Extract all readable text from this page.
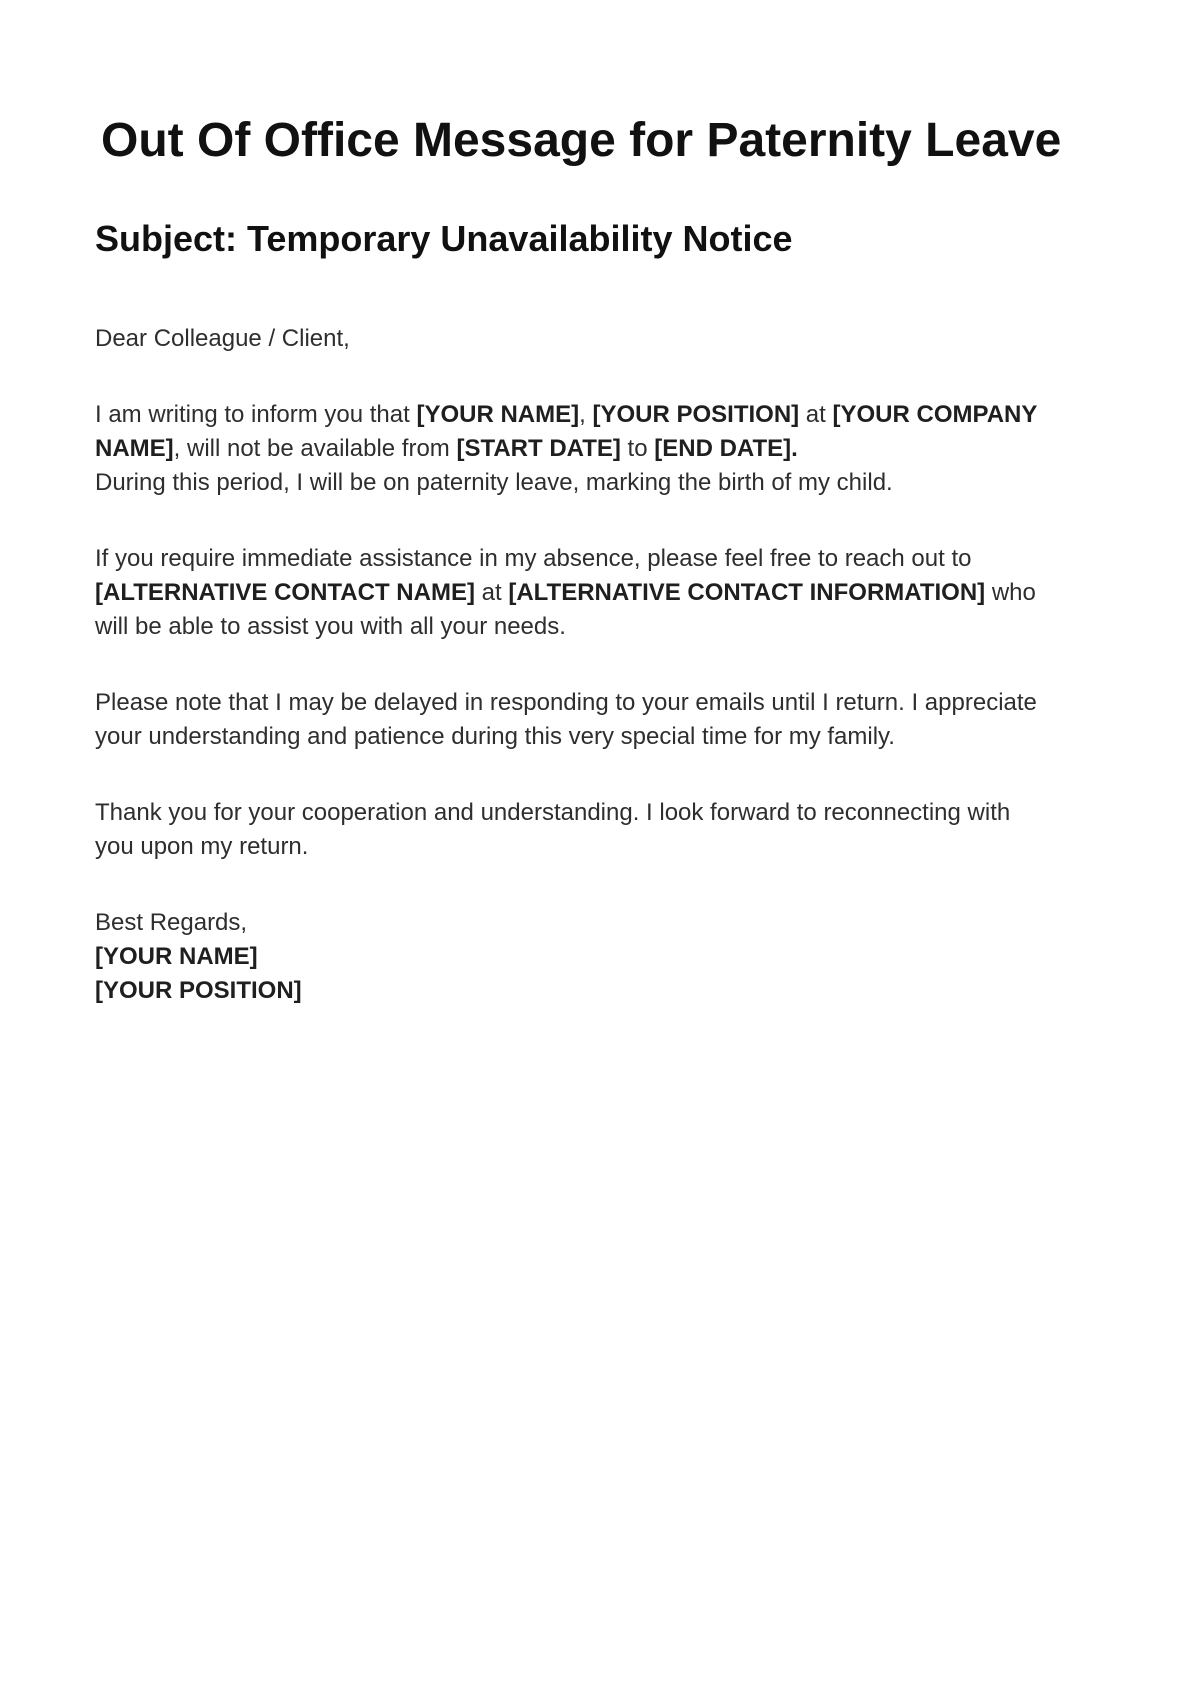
Out Of Office Message for Paternity Leave
Subject: Temporary Unavailability Notice

Dear Colleague / Client,

I am writing to inform you that [YOUR NAME], [YOUR POSITION] at [YOUR COMPANY
NAME], will not be available from [START DATE] to [END DATE].
During this period, I will be on paternity leave, marking the birth of my child.

If you require immediate assistance in my absence, please feel free to reach out to
[ALTERNATIVE CONTACT NAME] at [ALTERNATIVE CONTACT INFORMATION] who
will be able to assist you with all your needs.

Please note that I may be delayed in responding to your emails until I return. I appreciate
your understanding and patience during this very special time for my family.

Thank you for your cooperation and understanding. I look forward to reconnecting with
you upon my return.

Best Regards,
[YOUR NAME]
[YOUR POSITION]
